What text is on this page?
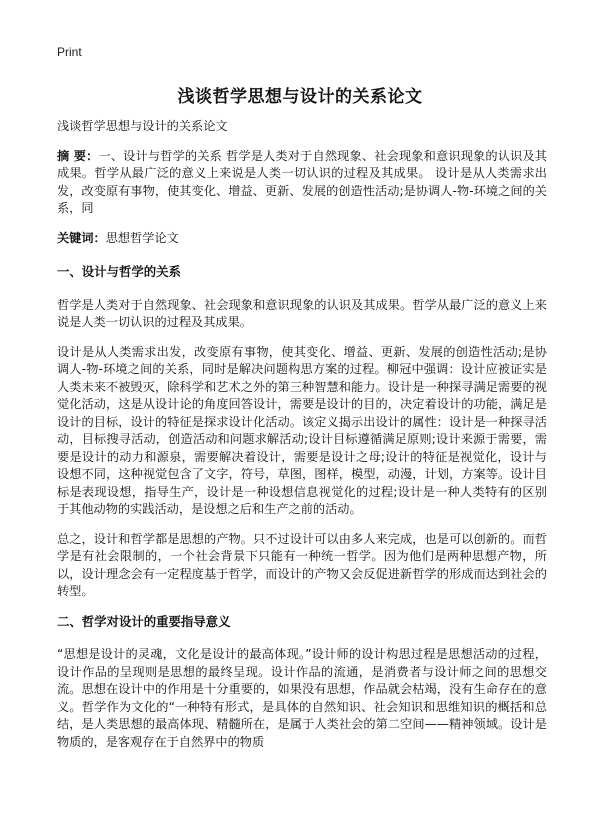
Print
浅谈哲学思想与设计的关系论文

浅谈哲学思想与设计的关系论文

摘 要：一、设计与哲学的关系 哲学是人类对于自然现象、社会现象和意识现象的认识及其成果。哲学从最广泛的意义上来说是人类一切认识的过程及其成果。 设计是从人类需求出发，改变原有事物，使其变化、增益、更新、发展的创造性活动;是协调人-物-环境之间的关系，同

关键词：思想哲学论文

一、设计与哲学的关系

哲学是人类对于自然现象、社会现象和意识现象的认识及其成果。哲学从最广泛的意义上来说是人类一切认识的过程及其成果。

设计是从人类需求出发，改变原有事物，使其变化、增益、更新、发展的创造性活动;是协调人-物-环境之间的关系，同时是解决问题构思方案的过程。柳冠中强调：设计应被证实是人类未来不被毁灭，除科学和艺术之外的第三种智慧和能力。设计是一种探寻满足需要的视觉化活动，这是从设计论的角度回答设计，需要是设计的目的，决定着设计的功能，满足是设计的目标，设计的特征是探求设计化活动。该定义揭示出设计的属性：设计是一种探寻活动，目标搜寻活动，创造活动和问题求解活动;设计目标遵循满足原则;设计来源于需要，需要是设计的动力和源泉，需要解决着设计，需要是设计之母;设计的特征是视觉化，设计与设想不同，这种视觉包含了文字，符号，草图，图样，模型，动漫，计划，方案等。设计目标是表现设想，指导生产，设计是一种设想信息视觉化的过程;设计是一种人类特有的区别于其他动物的实践活动，是设想之后和生产之前的活动。

总之，设计和哲学都是思想的产物。只不过设计可以由多人来完成，也是可以创新的。而哲学是有社会限制的，一个社会背景下只能有一种统一哲学。因为他们是两种思想产物，所以，设计理念会有一定程度基于哲学，而设计的产物又会反促进新哲学的形成而达到社会的转型。

二、哲学对设计的重要指导意义

“思想是设计的灵魂，文化是设计的最高体现。”设计师的设计构思过程是思想活动的过程，设计作品的呈现则是思想的最终呈现。设计作品的流通，是消费者与设计师之间的思想交流。思想在设计中的作用是十分重要的，如果没有思想，作品就会枯竭，没有生命存在的意义。哲学作为文化的“一种特有形式，是具体的自然知识、社会知识和思维知识的概括和总结，是人类思想的最高体现、精髓所在，是属于人类社会的第二空间——精神领域。设计是物质的，是客观存在于自然界中的物质
